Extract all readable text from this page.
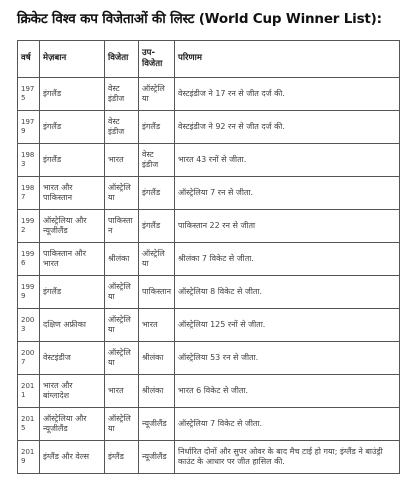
क्रिकेट विश्व कप विजेताओं की लिस्ट (World Cup Winner List):
वर्ष	मेज़बान	विजेता	उप-विजेता	परिणाम
1975	इंगलैंड	वेस्ट इंडीज	ऑस्ट्रेलिया	वेस्टइंडीज ने 17 रन से जीत दर्ज की.
1979	इंगलैंड	वेस्ट इंडीज	इंगलैंड	वेस्टइंडीज ने 92 रन से जीत दर्ज की.
1983	इंगलैंड	भारत	वेस्ट इंडीज	भारत 43 रनों से जीता.
1987	भारत और पाकिस्तान	ऑस्ट्रेलिया	इंगलैंड	ऑस्ट्रेलिया 7 रन से जीता.
1992	ऑस्ट्रेलिया और न्यूजीलैंड	पाकिस्तान	इंगलैंड	पाकिस्तान 22 रन से जीता
1996	पाकिस्तान और भारत	श्रीलंका	ऑस्ट्रेलिया	श्रीलंका 7 विकेट से जीता.
1999	इंगलैंड	ऑस्ट्रेलिया	पाकिस्तान	ऑस्ट्रेलिया 8 विकेट से जीता.
2003	दक्षिण अफ्रीका	ऑस्ट्रेलिया	भारत	ऑस्ट्रेलिया 125 रनों से जीता.
2007	वेस्टइंडीज	ऑस्ट्रेलिया	श्रीलंका	ऑस्ट्रेलिया 53 रन से जीता.
2011	भारत और बांग्लादेश	भारत	श्रीलंका	भारत 6 विकेट से जीता.
2015	ऑस्ट्रेलिया और न्यूजीलैंड	ऑस्ट्रेलिया	न्यूजीलैंड	ऑस्ट्रेलिया 7 विकेट से जीता.
2019	इंग्लैंड और वेल्स	इंग्लैंड	न्यूजीलैंड	निर्धारित दोनों और सुपर ओवर के बाद मैच टाई हो गया; इंग्लैंड ने बाउंड्री काउंट के आधार पर जीत हासिल की.
